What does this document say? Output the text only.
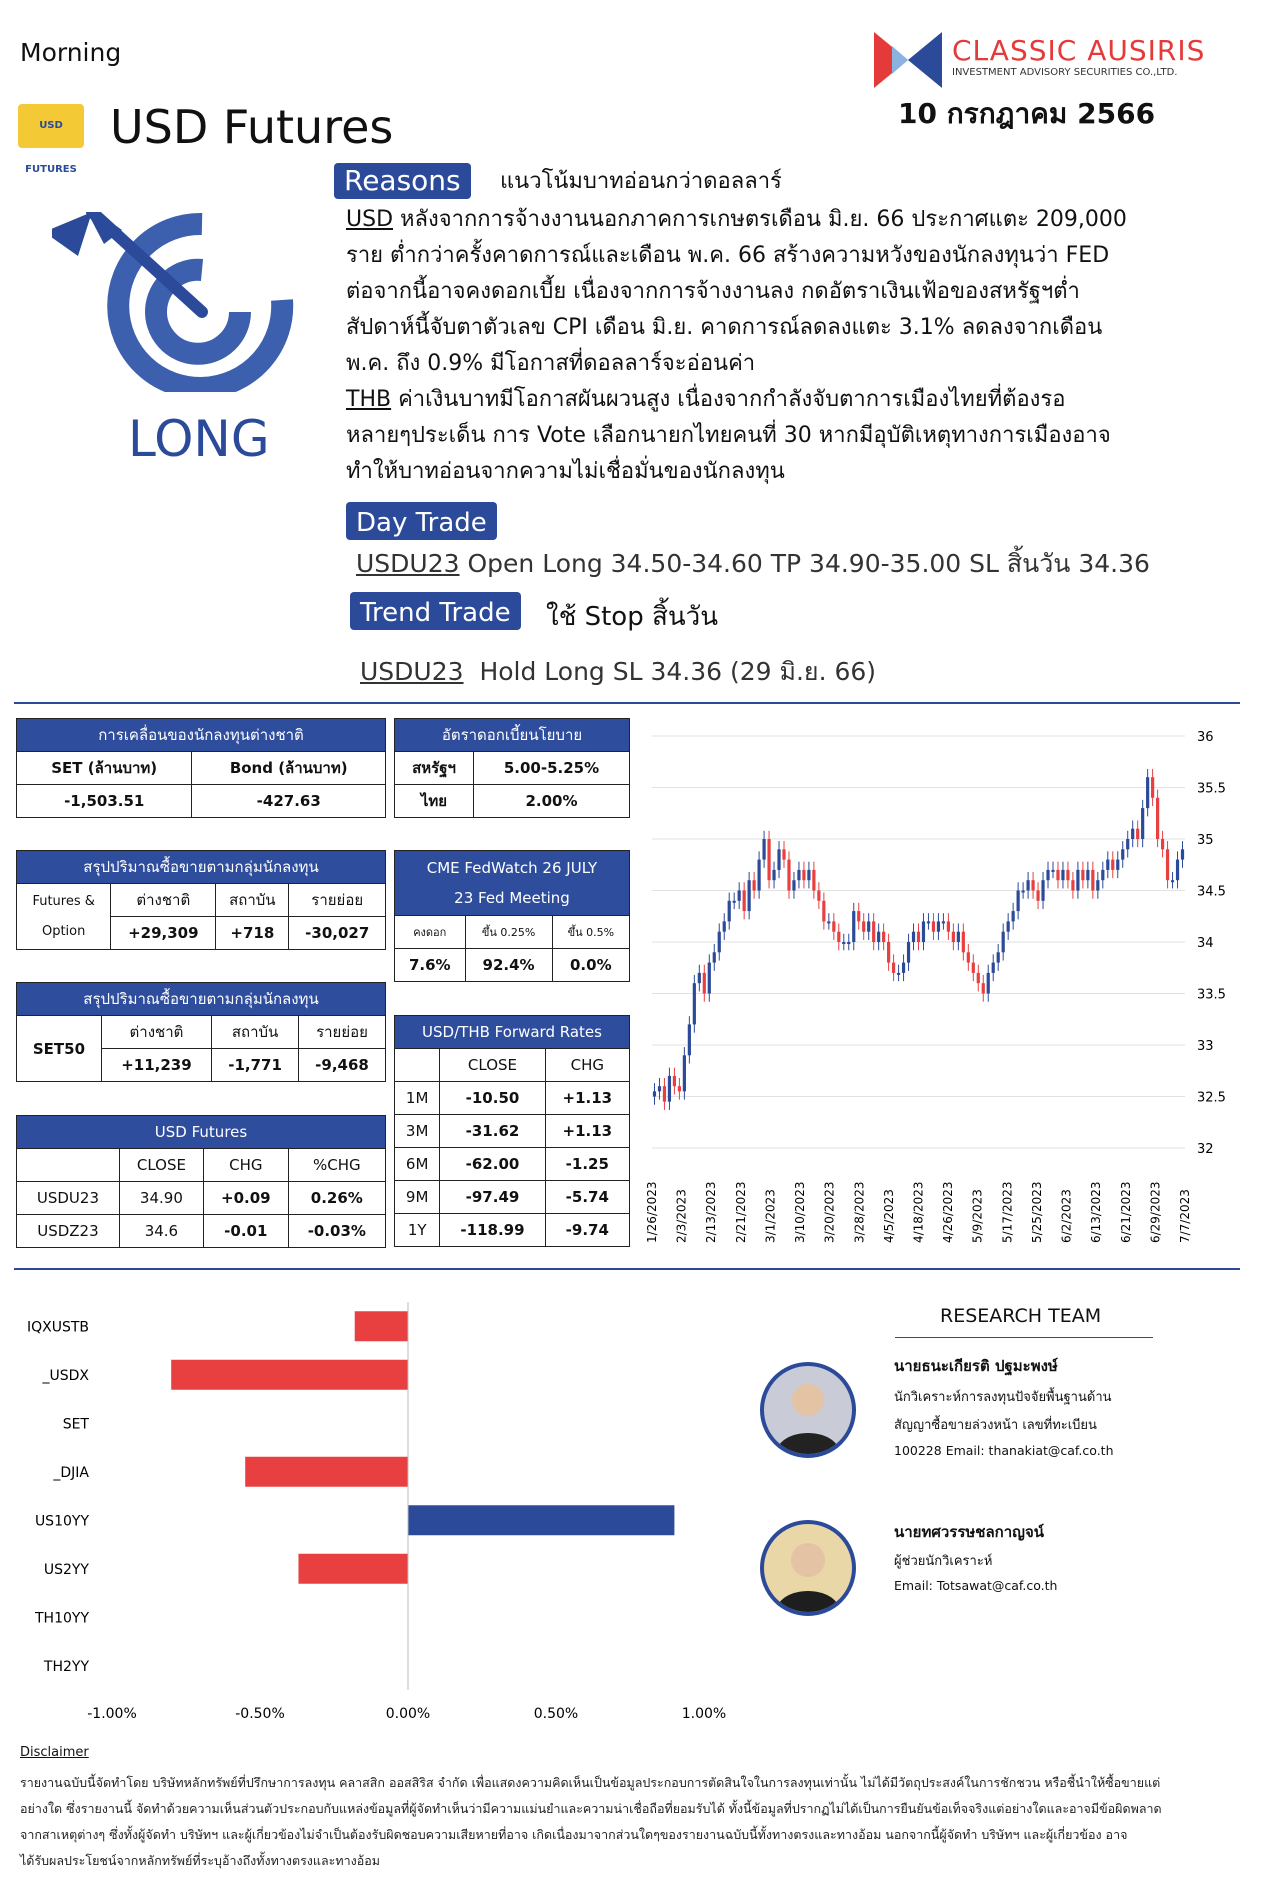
Morning
USD FUTURES
USD Futures
CLASSIC AUSIRIS
INVESTMENT ADVISORY SECURITIES CO.,LTD.
10 กรกฎาคม 2566
LONG
Reasons	แนวโน้มบาทอ่อนกว่าดอลลาร์
USD หลังจากการจ้างงานนอกภาคการเกษตรเดือน มิ.ย. 66 ประกาศแตะ 209,000
ราย ต่ำกว่าครั้งคาดการณ์และเดือน พ.ค. 66 สร้างความหวังของนักลงทุนว่า FED
ต่อจากนี้อาจคงดอกเบี้ย เนื่องจากการจ้างงานลง กดอัตราเงินเฟ้อของสหรัฐฯต่ำ
สัปดาห์นี้จับตาตัวเลข CPI เดือน มิ.ย. คาดการณ์ลดลงแตะ 3.1% ลดลงจากเดือน
พ.ค. ถึง 0.9% มีโอกาสที่ดอลลาร์จะอ่อนค่า
THB ค่าเงินบาทมีโอกาสผันผวนสูง เนื่องจากกำลังจับตาการเมืองไทยที่ต้องรอ
หลายๆประเด็น การ Vote เลือกนายกไทยคนที่ 30 หากมีอุบัติเหตุทางการเมืองอาจ
ทำให้บาทอ่อนจากความไม่เชื่อมั่นของนักลงทุน
Day Trade
USDU23 Open Long 34.50-34.60 TP 34.90-35.00 SL สิ้นวัน 34.36
Trend Trade	ใช้ Stop สิ้นวัน
USDU23 Hold Long SL 34.36 (29 มิ.ย. 66)
การเคลื่อนของนักลงทุนต่างชาติ	
SET (ล้านบาท)	Bond (ล้านบาท)
-1,503.51	-427.63
อัตราดอกเบี้ยนโยบาย	
สหรัฐฯ	5.00-5.25%
ไทย	2.00%
สรุปปริมาณซื้อขายตามกลุ่มนักลงทุน			

Futures &
Option	ต่างชาติ	สถาบัน	รายย่อย
	+29,309	+718	-30,027
CME FedWatch 26 JULY
23 Fed Meeting		

คงดอก	ขึ้น 0.25%	ขึ้น 0.5%
7.6%	92.4%	0.0%
สรุปปริมาณซื้อขายตามกลุ่มนักลงทุน			
SET50	ต่างชาติ	สถาบัน	รายย่อย
	+11,239	-1,771	-9,468
USD/THB Forward Rates		
	CLOSE	CHG
1M	-10.50	+1.13
3M	-31.62	+1.13
6M	-62.00	-1.25
9M	-97.49	-5.74
1Y	-118.99	-9.74
USD Futures			
	CLOSE	CHG	%CHG
USDU23	34.90	+0.09	0.26%
USDZ23	34.6	-0.01	-0.03%
36
35.5
35
34.5
34
33.5
33
32.5
32
1/26/2023 2/3/2023 2/13/2023 2/21/2023 3/1/2023 3/10/2023 3/20/2023 3/28/2023 4/5/2023 4/18/2023 4/26/2023 5/9/2023 5/17/2023 5/25/2023 6/2/2023 6/13/2023 6/21/2023 6/29/2023 7/7/2023
IQXUSTB
_USDX
SET
_DJIA
US10YY
US2YY
TH10YY
TH2YY
-1.00%	-0.50%	0.00%	0.50%	1.00%
RESEARCH TEAM
นายธนะเกียรติ ปฐมะพงษ์
นักวิเคราะห์การลงทุนปัจจัยพื้นฐานด้าน
สัญญาซื้อขายล่วงหน้า เลขที่ทะเบียน
100228 Email: thanakiat@caf.co.th
นายทศวรรษชลกาญจน์
ผู้ช่วยนักวิเคราะห์
Email: Totsawat@caf.co.th
Disclaimer
รายงานฉบับนี้จัดทำโดย บริษัทหลักทรัพย์ที่ปรึกษาการลงทุน คลาสสิก ออสสิริส จำกัด เพื่อแสดงความคิดเห็นเป็นข้อมูลประกอบการตัดสินใจในการลงทุนเท่านั้น ไม่ได้มีวัตถุประสงค์ในการชักชวน หรือชี้นำให้ซื้อขายแต่
อย่างใด ซึ่งรายงานนี้ จัดทำด้วยความเห็นส่วนตัวประกอบกับแหล่งข้อมูลที่ผู้จัดทำเห็นว่ามีความแม่นยำและความน่าเชื่อถือที่ยอมรับได้ ทั้งนี้ข้อมูลที่ปรากฏไม่ได้เป็นการยืนยันข้อเท็จจริงแต่อย่างใดและอาจมีข้อผิดพลาด
จากสาเหตุต่างๆ ซึ่งทั้งผู้จัดทำ บริษัทฯ และผู้เกี่ยวข้องไม่จำเป็นต้องรับผิดชอบความเสียหายที่อาจ เกิดเนื่องมาจากส่วนใดๆของรายงานฉบับนี้ทั้งทางตรงและทางอ้อม นอกจากนี้ผู้จัดทำ บริษัทฯ และผู้เกี่ยวข้อง อาจ
ได้รับผลประโยชน์จากหลักทรัพย์ที่ระบุอ้างถึงทั้งทางตรงและทางอ้อม
